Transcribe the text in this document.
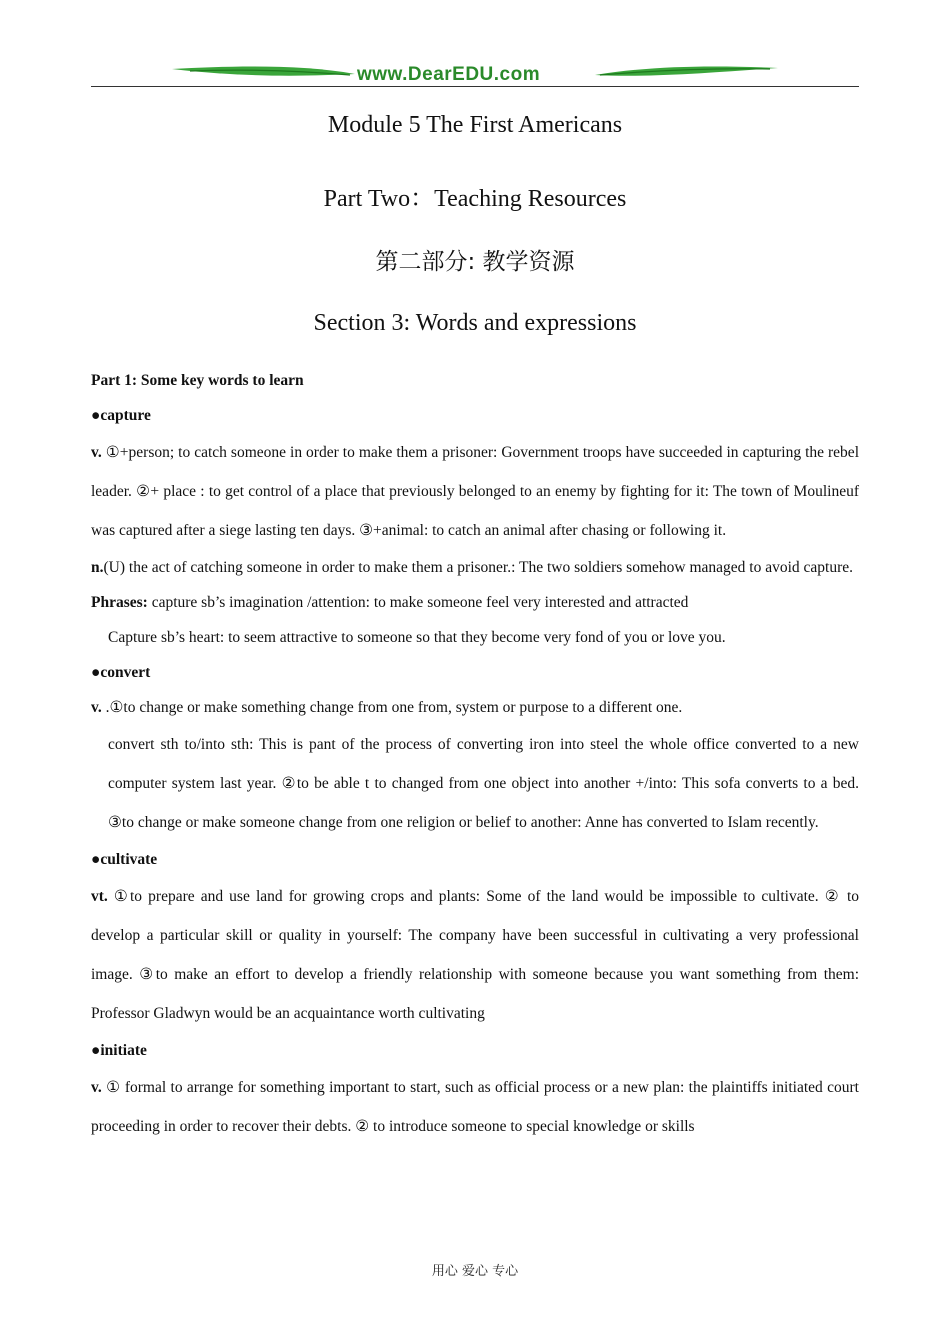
www.DearEDU.com
Module 5 The First Americans
Part Two：Teaching Resources
第二部分: 教学资源
Section 3: Words and expressions

Part 1: Some key words to learn

●capture

v. ①+person; to catch someone in order to make them a prisoner: Government troops have succeeded in capturing the rebel leader. ②+ place : to get control of a place that previously belonged to an enemy by fighting for it: The town of Moulineuf was captured after a siege lasting ten days. ③+animal: to catch an animal after chasing or following it.

n.(U) the act of catching someone in order to make them a prisoner.: The two soldiers somehow managed to avoid capture.

Phrases: capture sb’s imagination /attention: to make someone feel very interested and attracted

Capture sb’s heart: to seem attractive to someone so that they become very fond of you or love you.

●convert

v. .①to change or make something change from one from, system or purpose to a different one.

convert sth to/into sth: This is pant of the process of converting iron into steel the whole office converted to a new computer system last year. ②to be able t to changed from one object into another +/into: This sofa converts to a bed. ③to change or make someone change from one religion or belief to another: Anne has converted to Islam recently.

●cultivate

vt. ①to prepare and use land for growing crops and plants: Some of the land would be impossible to cultivate. ② to develop a particular skill or quality in yourself: The company have been successful in cultivating a very professional image. ③to make an effort to develop a friendly relationship with someone because you want something from them: Professor Gladwyn would be an acquaintance worth cultivating

●initiate

v. ① formal to arrange for something important to start, such as official process or a new plan: the plaintiffs initiated court proceeding in order to recover their debts. ② to introduce someone to special knowledge or skills

用心 爱心 专心
